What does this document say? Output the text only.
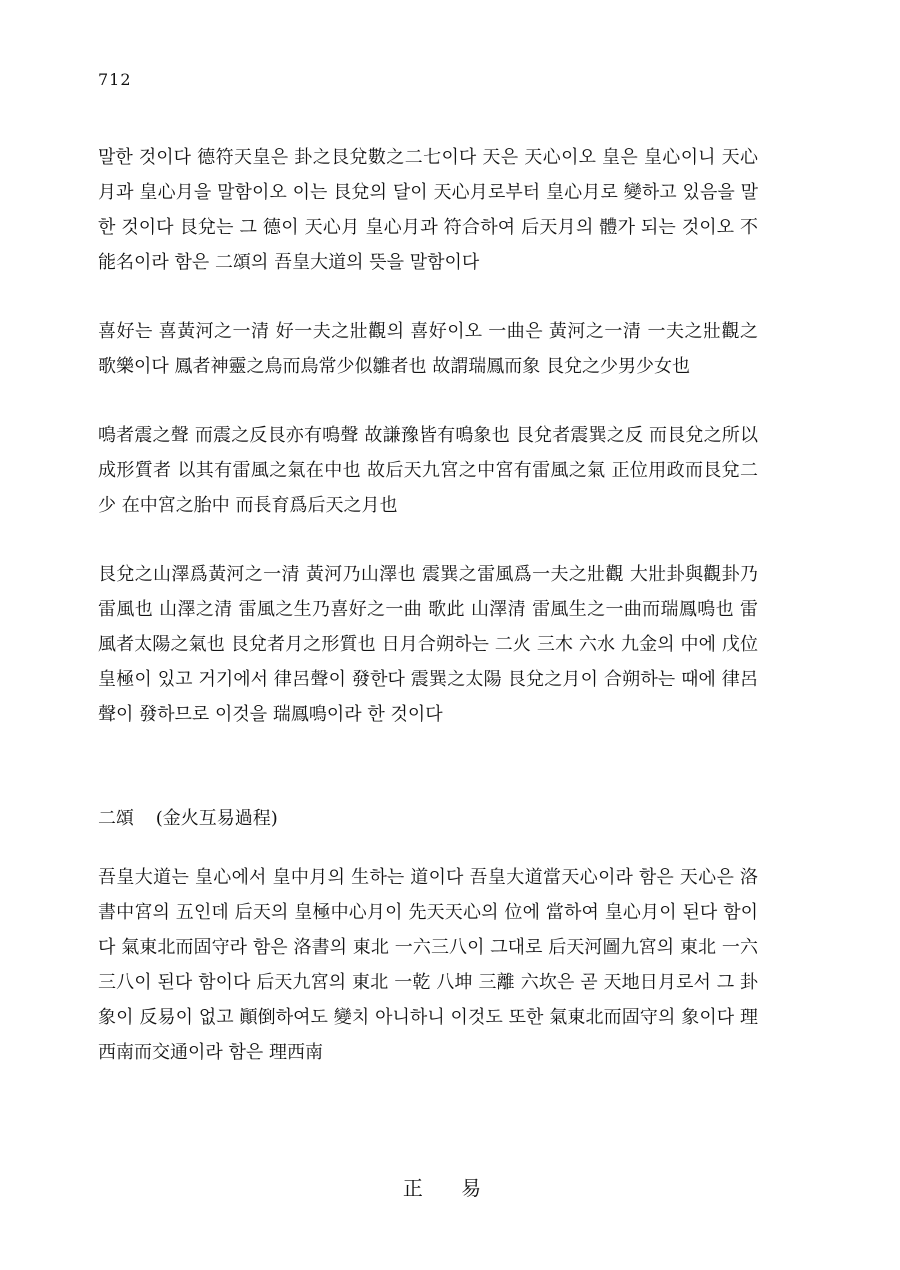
712

말한 것이다 德符天皇은 卦之艮兌數之二七이다 天은 天心이오 皇은 皇心이니 天心月과 皇心月을 말함이오 이는 艮兌의 달이 天心月로부터 皇心月로 變하고 있음을 말한 것이다 艮兌는 그 德이 天心月 皇心月과 符合하여 后天月의 體가 되는 것이오 不能名이라 함은 二頌의 吾皇大道의 뜻을 말함이다

喜好는 喜黃河之一清 好一夫之壯觀의 喜好이오 一曲은 黃河之一清 一夫之壯觀之歌樂이다 鳳者神靈之鳥而鳥常少似雛者也 故謂瑞鳳而象 艮兌之少男少女也

鳴者震之聲 而震之反艮亦有鳴聲 故謙豫皆有鳴象也 艮兌者震巽之反 而艮兌之所以成形質者 以其有雷風之氣在中也 故后天九宮之中宮有雷風之氣 正位用政而艮兌二少 在中宮之胎中 而長育爲后天之月也

艮兌之山澤爲黃河之一清 黃河乃山澤也 震巽之雷風爲一夫之壯觀 大壯卦與觀卦乃雷風也 山澤之清 雷風之生乃喜好之一曲 歌此 山澤清 雷風生之一曲而瑞鳳鳴也 雷風者太陽之氣也 艮兌者月之形質也 日月合朔하는 二火 三木 六水 九金의 中에 戊位皇極이 있고 거기에서 律呂聲이 發한다 震巽之太陽 艮兌之月이 合朔하는 때에 律呂聲이 發하므로 이것을 瑞鳳鳴이라 한 것이다

二頌 (金火互易過程)

吾皇大道는 皇心에서 皇中月의 生하는 道이다 吾皇大道當天心이라 함은 天心은 洛書中宮의 五인데 后天의 皇極中心月이 先天天心의 位에 當하여 皇心月이 된다 함이다 氣東北而固守라 함은 洛書의 東北 一六三八이 그대로 后天河圖九宮의 東北 一六三八이 된다 함이다 后天九宮의 東北 一乾 八坤 三離 六坎은 곧 天地日月로서 그 卦象이 反易이 없고 顚倒하여도 變치 아니하니 이것도 또한 氣東北而固守의 象이다 理西南而交通이라 함은 理西南

正 易
